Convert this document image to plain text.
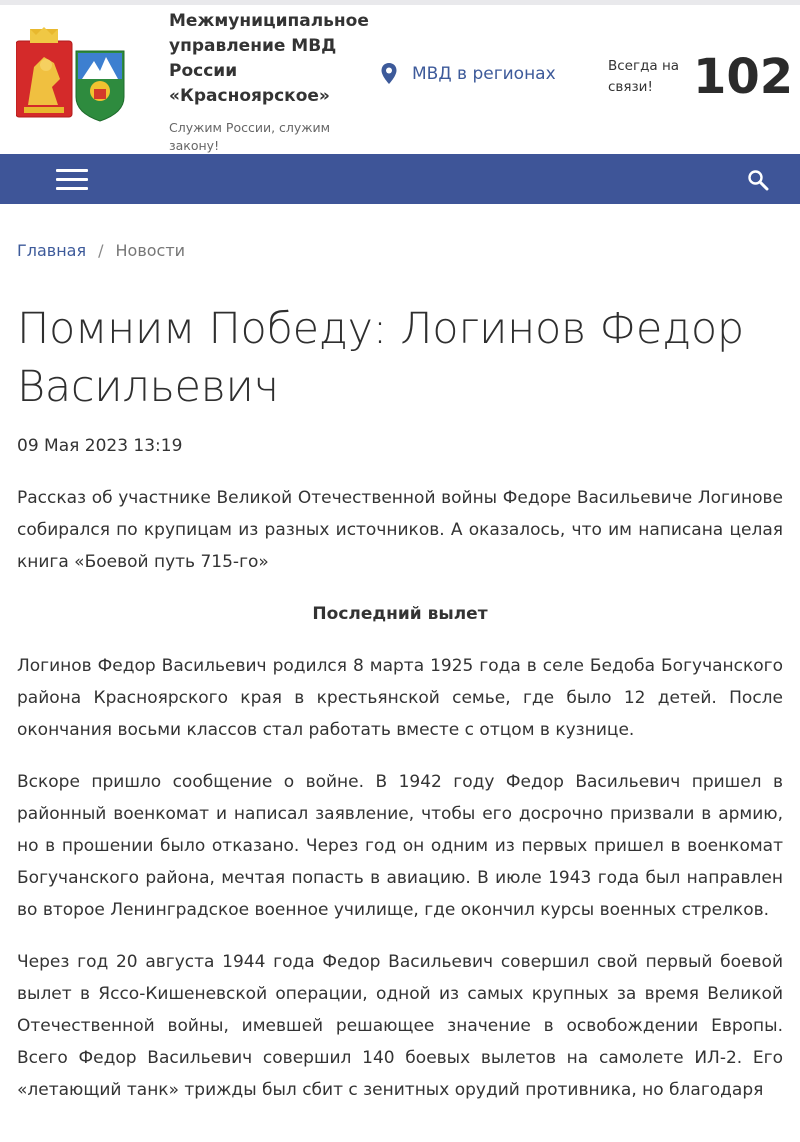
Межмуниципальное управление МВД России «Красноярское»
Служим России, служим закону!
МВД в регионах	Всегда на связи! 102
Главная / Новости
Помним Победу: Логинов Федор Васильевич
09 Мая 2023 13:19

Рассказ об участнике Великой Отечественной войны Федоре Васильевиче Логинове собирался по крупицам из разных источников. А оказалось, что им написана целая книга «Боевой путь 715-го»

Последний вылет

Логинов Федор Васильевич родился 8 марта 1925 года в селе Бедоба Богучанского района Красноярского края в крестьянской семье, где было 12 детей. После окончания восьми классов стал работать вместе с отцом в кузнице.

Вскоре пришло сообщение о войне. В 1942 году Федор Васильевич пришел в районный военкомат и написал заявление, чтобы его досрочно призвали в армию, но в прошении было отказано. Через год он одним из первых пришел в военкомат Богучанского района, мечтая попасть в авиацию. В июле 1943 года был направлен во второе Ленинградское военное училище, где окончил курсы военных стрелков.

Через год 20 августа 1944 года Федор Васильевич совершил свой первый боевой вылет в Ясcо-Кишеневской операции, одной из самых крупных за время Великой Отечественной войны, имевшей решающее значение в освобождении Европы. Всего Федор Васильевич совершил 140 боевых вылетов на самолете ИЛ-2. Его «летающий танк» трижды был сбит с зенитных орудий противника, но благодаря
